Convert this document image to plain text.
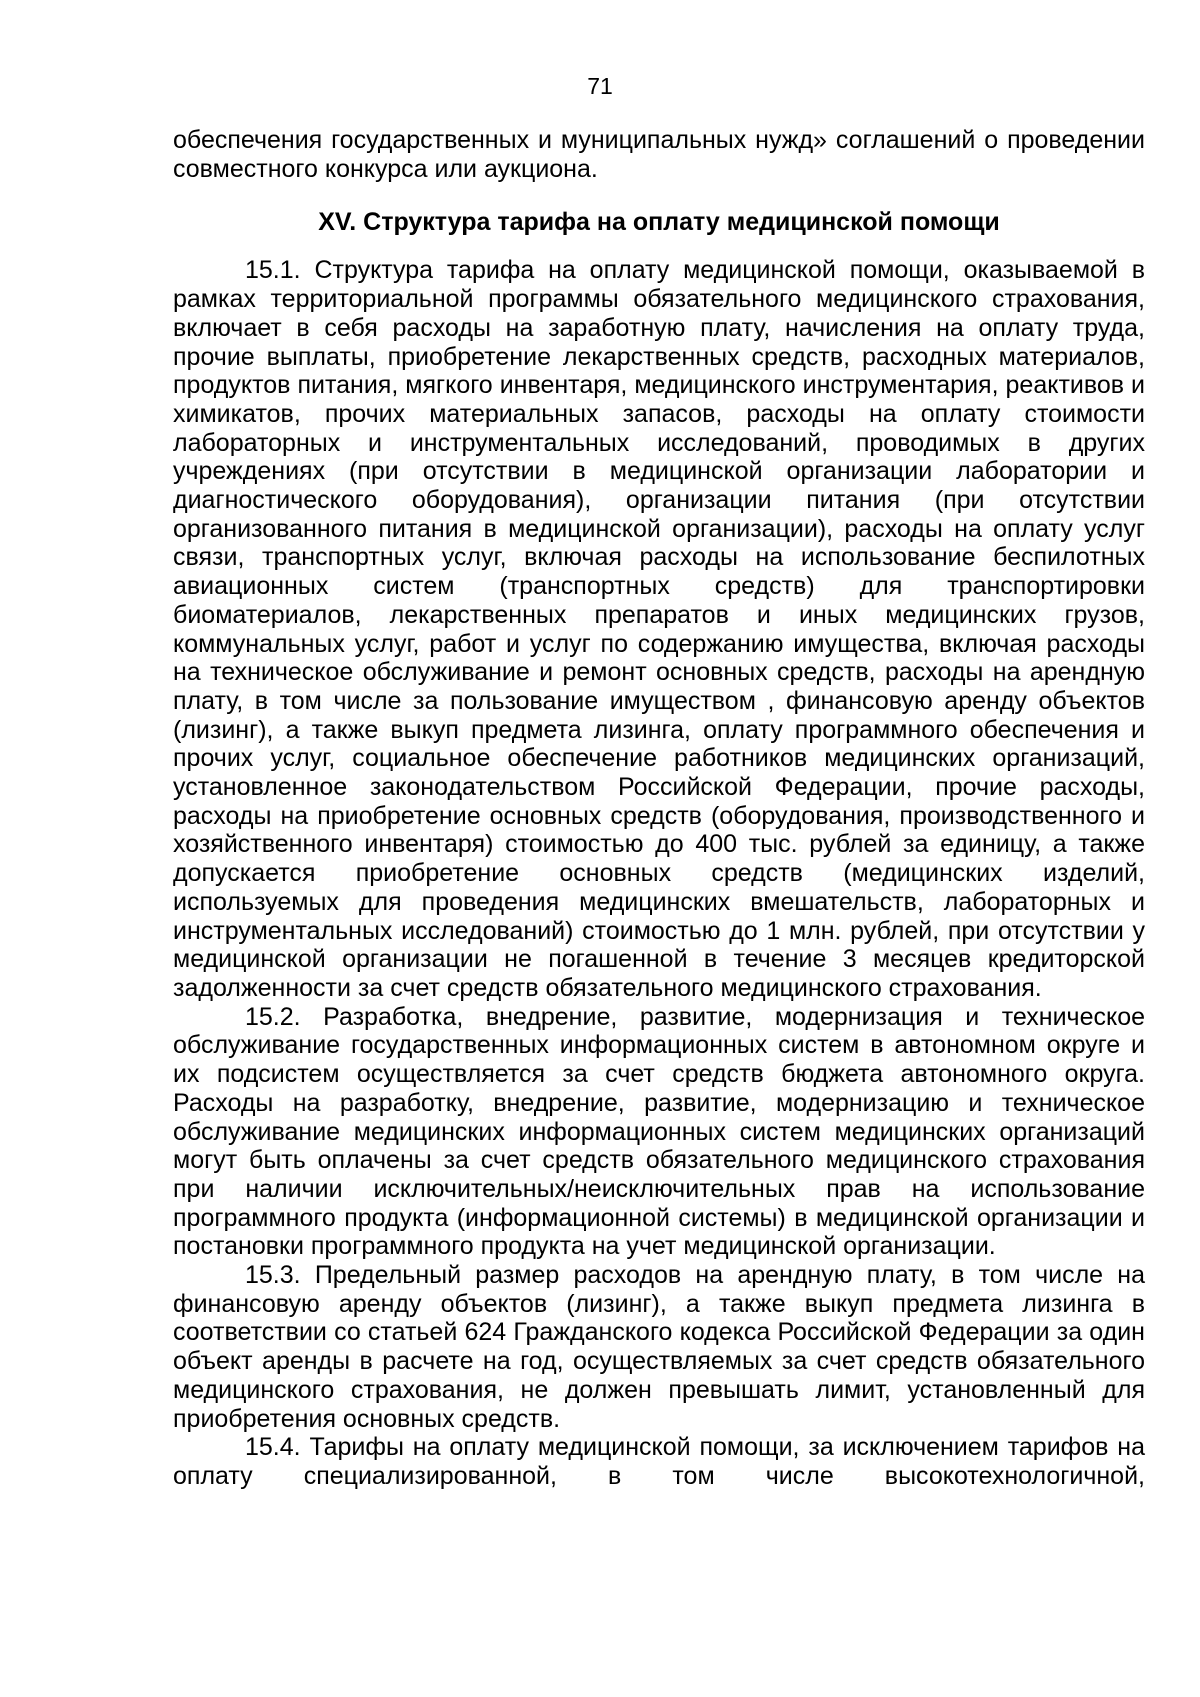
71

обеспечения государственных и муниципальных нужд» соглашений о проведении совместного конкурса или аукциона.

XV. Структура тарифа на оплату медицинской помощи

15.1. Структура тарифа на оплату медицинской помощи, оказываемой в рамках территориальной программы обязательного медицинского страхования, включает в себя расходы на заработную плату, начисления на оплату труда, прочие выплаты, приобретение лекарственных средств, расходных материалов, продуктов питания, мягкого инвентаря, медицинского инструментария, реактивов и химикатов, прочих материальных запасов, расходы на оплату стоимости лабораторных и инструментальных исследований, проводимых в других учреждениях (при отсутствии в медицинской организации лаборатории и диагностического оборудования), организации питания (при отсутствии организованного питания в медицинской организации), расходы на оплату услуг связи, транспортных услуг, включая расходы на использование беспилотных авиационных систем (транспортных средств) для транспортировки биоматериалов, лекарственных препаратов и иных медицинских грузов, коммунальных услуг, работ и услуг по содержанию имущества, включая расходы на техническое обслуживание и ремонт основных средств, расходы на арендную плату, в том числе за пользование имуществом , финансовую аренду объектов (лизинг), а также выкуп предмета лизинга, оплату программного обеспечения и прочих услуг, социальное обеспечение работников медицинских организаций, установленное законодательством Российской Федерации, прочие расходы, расходы на приобретение основных средств (оборудования, производственного и хозяйственного инвентаря) стоимостью до 400 тыс. рублей за единицу, а также допускается приобретение основных средств (медицинских изделий, используемых для проведения медицинских вмешательств, лабораторных и инструментальных исследований) стоимостью до 1 млн. рублей, при отсутствии у медицинской организации не погашенной в течение 3 месяцев кредиторской задолженности за счет средств обязательного медицинского страхования.

15.2. Разработка, внедрение, развитие, модернизация и техническое обслуживание государственных информационных систем в автономном округе и их подсистем осуществляется за счет средств бюджета автономного округа. Расходы на разработку, внедрение, развитие, модернизацию и техническое обслуживание медицинских информационных систем медицинских организаций могут быть оплачены за счет средств обязательного медицинского страхования при наличии исключительных/неисключительных прав на использование программного продукта (информационной системы) в медицинской организации и постановки программного продукта на учет медицинской организации.

15.3. Предельный размер расходов на арендную плату, в том числе на финансовую аренду объектов (лизинг), а также выкуп предмета лизинга в соответствии со статьей 624 Гражданского кодекса Российской Федерации за один объект аренды в расчете на год, осуществляемых за счет средств обязательного медицинского страхования, не должен превышать лимит, установленный для приобретения основных средств.

15.4. Тарифы на оплату медицинской помощи, за исключением тарифов на оплату специализированной, в том числе высокотехнологичной,
